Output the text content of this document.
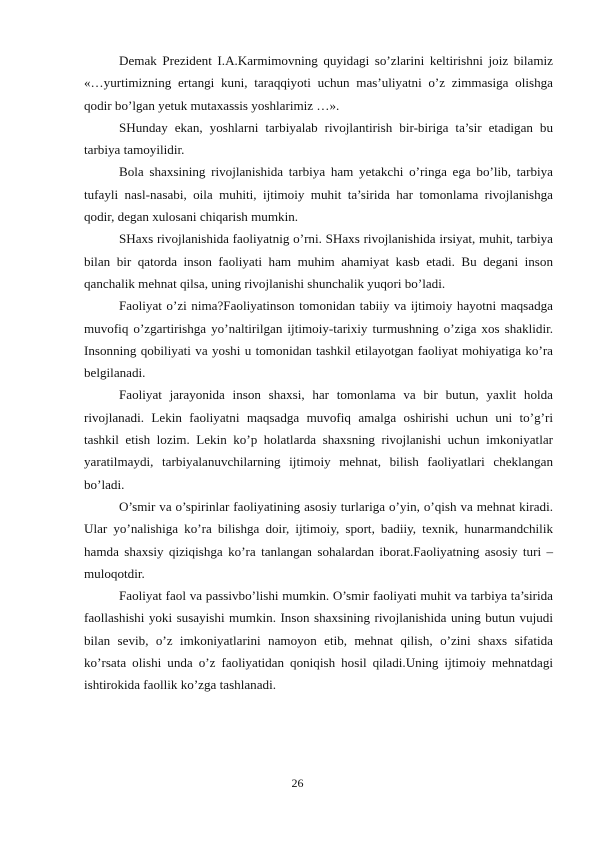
Demak Prezident I.A.Karmimovning quyidagi so’zlarini keltirishni joiz bilamiz «…yurtimizning ertangi kuni, taraqqiyoti uchun mas’uliyatni o’z zimmasiga olishga qodir bo’lgan yetuk mutaxassis yoshlarimiz …».

SHunday ekan, yoshlarni tarbiyalab rivojlantirish bir-biriga ta’sir etadigan bu tarbiya tamoyilidir.

Bola shaxsining rivojlanishida tarbiya ham yetakchi o’ringa ega bo’lib, tarbiya tufayli nasl-nasabi, oila muhiti, ijtimoiy muhit ta’sirida har tomonlama rivojlanishga qodir, degan xulosani chiqarish mumkin.

SHaxs rivojlanishida faoliyatnig o’rni. SHaxs rivojlanishida irsiyat, muhit, tarbiya bilan bir qatorda inson faoliyati ham muhim ahamiyat kasb etadi. Bu degani inson qanchalik mehnat qilsa, uning rivojlanishi shunchalik yuqori bo’ladi.

Faoliyat o’zi nima?Faoliyatinson tomonidan tabiiy va ijtimoiy hayotni maqsadga muvofiq o’zgartirishga yo’naltirilgan ijtimoiy-tarixiy turmushning o’ziga xos shaklidir. Insonning qobiliyati va yoshi u tomonidan tashkil etilayotgan faoliyat mohiyatiga ko’ra belgilanadi.

Faoliyat jarayonida inson shaxsi, har tomonlama va bir butun, yaxlit holda rivojlanadi. Lekin faoliyatni maqsadga muvofiq amalga oshirishi uchun uni to’g’ri tashkil etish lozim. Lekin ko’p holatlarda shaxsning rivojlanishi uchun imkoniyatlar yaratilmaydi, tarbiyalanuvchilarning ijtimoiy mehnat, bilish faoliyatlari cheklangan bo’ladi.

O’smir va o’spirinlar faoliyatining asosiy turlariga o’yin, o’qish va mehnat kiradi. Ular yo’nalishiga ko’ra bilishga doir, ijtimoiy, sport, badiiy, texnik, hunarmandchilik hamda shaxsiy qiziqishga ko’ra tanlangan sohalardan iborat.Faoliyatning asosiy turi – muloqotdir.

Faoliyat faol va passivbo’lishi mumkin. O’smir faoliyati muhit va tarbiya ta’sirida faollashishi yoki susayishi mumkin. Inson shaxsining rivojlanishida uning butun vujudi bilan sevib, o’z imkoniyatlarini namoyon etib, mehnat qilish, o’zini shaxs sifatida ko’rsata olishi unda o’z faoliyatidan qoniqish hosil qiladi.Uning ijtimoiy mehnatdagi ishtirokida faollik ko’zga tashlanadi.

26
